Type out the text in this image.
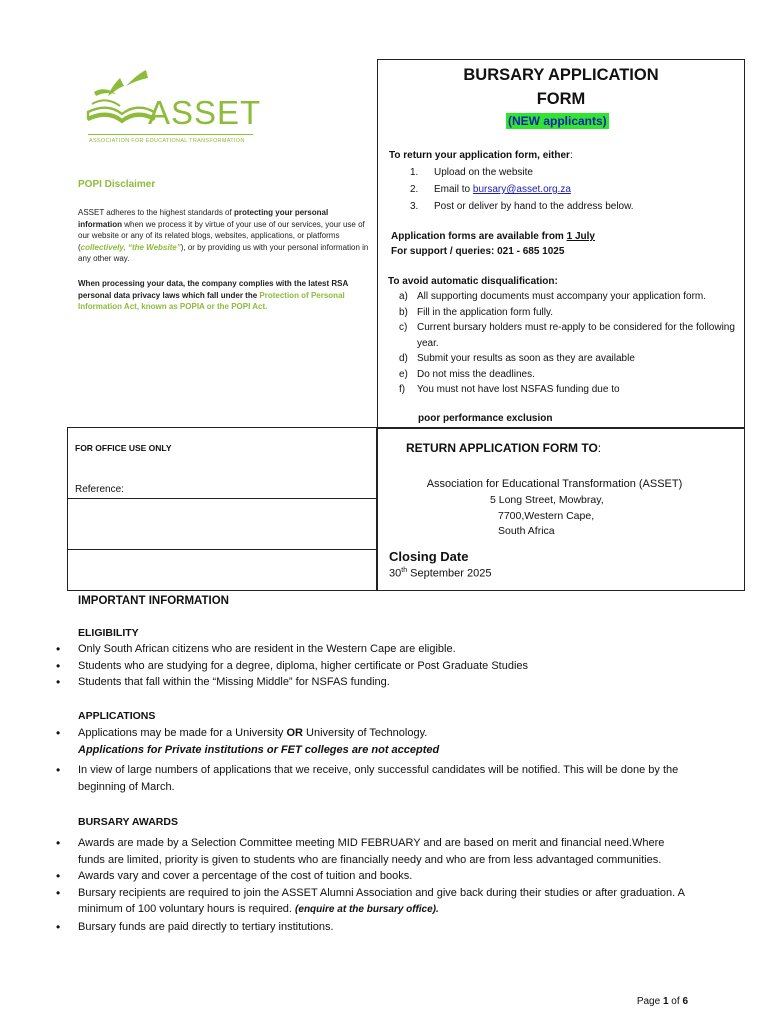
ASSET
ASSOCIATION FOR EDUCATIONAL TRANSFORMATION
POPI Disclaimer
ASSET adheres to the highest standards of protecting your personal information when we process it by virtue of your use of our services, your use of our website or any of its related blogs, websites, applications, or platforms (collectively, “the Website”), or by providing us with your personal information in any other way.
When processing your data, the company complies with the latest RSA personal data privacy laws which fall under the Protection of Personal Information Act, known as POPIA or the POPI Act.
BURSARY APPLICATION
FORM
(NEW applicants)
To return your application form, either:
1. Upload on the website
2. Email to bursary@asset.org.za
3. Post or deliver by hand to the address below.
Application forms are available from 1 July
For support / queries: 021 - 685 1025
To avoid automatic disqualification:
a) All supporting documents must accompany your application form.
b) Fill in the application form fully.
c) Current bursary holders must re-apply to be considered for the following year.
d) Submit your results as soon as they are available
e) Do not miss the deadlines.
f) You must not have lost NSFAS funding due to
poor performance exclusion
RETURN APPLICATION FORM TO:
Association for Educational Transformation (ASSET)
5 Long Street, Mowbray,
7700,Western Cape,
South Africa
Closing Date
30th September 2025
FOR OFFICE USE ONLY
Reference:
IMPORTANT INFORMATION
ELIGIBILITY
• Only South African citizens who are resident in the Western Cape are eligible.
• Students who are studying for a degree, diploma, higher certificate or Post Graduate Studies
• Students that fall within the “Missing Middle” for NSFAS funding.
APPLICATIONS
• Applications may be made for a University OR University of Technology.
Applications for Private institutions or FET colleges are not accepted
• In view of large numbers of applications that we receive, only successful candidates will be notified. This will be done by the beginning of March.
BURSARY AWARDS
• Awards are made by a Selection Committee meeting MID FEBRUARY and are based on merit and financial need.Where funds are limited, priority is given to students who are financially needy and who are from less advantaged communities.
• Awards vary and cover a percentage of the cost of tuition and books.
• Bursary recipients are required to join the ASSET Alumni Association and give back during their studies or after graduation. A minimum of 100 voluntary hours is required. (enquire at the bursary office).
• Bursary funds are paid directly to tertiary institutions.
Page 1 of 6
